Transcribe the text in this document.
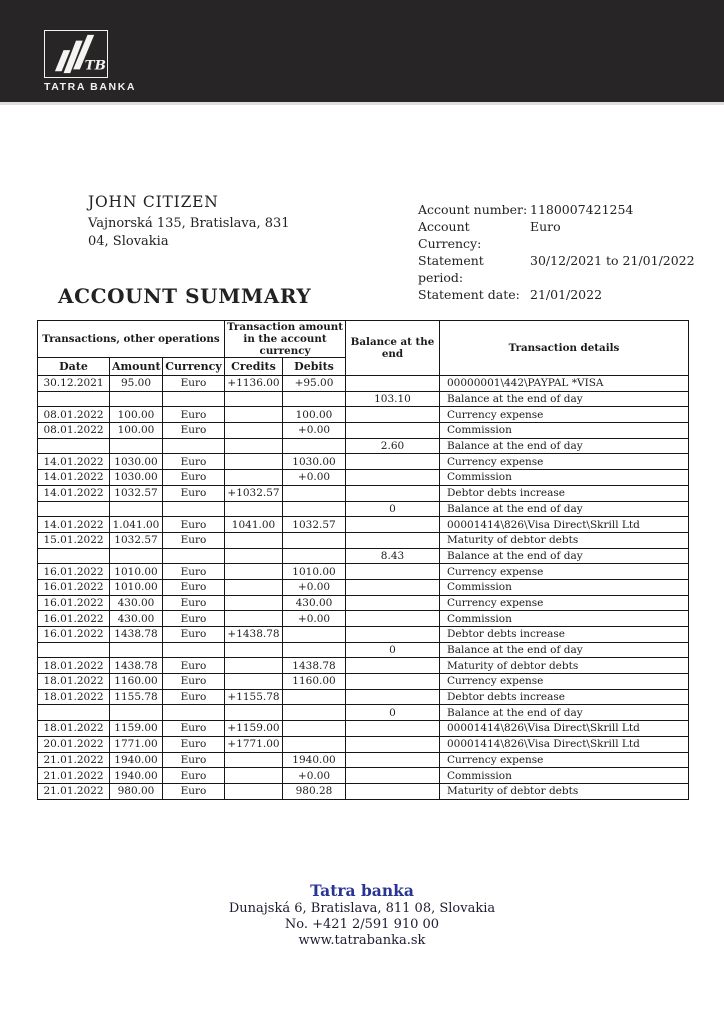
TB
TATRA BANKA
JOHN CITIZEN
Vajnorská 135, Bratislava, 831
04, Slovakia
Account number: 1180007421254
Account Currency:
Euro
Statement period:
30/12/2021 to 21/01/2022
Statement date: 21/01/2022
ACCOUNT SUMMARY
Transactions, other operations			Transaction amount in the account currency		Balance at the end	Transaction details
Date	Amount	Currency	Credits	Debits		
30.12.2021	95.00	Euro	+1136.00	+95.00		00000001\442\PAYPAL *VISA
					103.10	Balance at the end of day
08.01.2022	100.00	Euro		100.00		Currency expense
08.01.2022	100.00	Euro		+0.00		Commission
					2.60	Balance at the end of day
14.01.2022	1030.00	Euro		1030.00		Currency expense
14.01.2022	1030.00	Euro		+0.00		Commission
14.01.2022	1032.57	Euro	+1032.57			Debtor debts increase
					0	Balance at the end of day
14.01.2022	1.041.00	Euro	1041.00	1032.57		00001414\826\Visa Direct\Skrill Ltd
15.01.2022	1032.57	Euro				Maturity of debtor debts
					8.43	Balance at the end of day
16.01.2022	1010.00	Euro		1010.00		Currency expense
16.01.2022	1010.00	Euro		+0.00		Commission
16.01.2022	430.00	Euro		430.00		Currency expense
16.01.2022	430.00	Euro		+0.00		Commission
16.01.2022	1438.78	Euro	+1438.78			Debtor debts increase
					0	Balance at the end of day
18.01.2022	1438.78	Euro		1438.78		Maturity of debtor debts
18.01.2022	1160.00	Euro		1160.00		Currency expense
18.01.2022	1155.78	Euro	+1155.78			Debtor debts increase
					0	Balance at the end of day
18.01.2022	1159.00	Euro	+1159.00			00001414\826\Visa Direct\Skrill Ltd
20.01.2022	1771.00	Euro	+1771.00			00001414\826\Visa Direct\Skrill Ltd
21.01.2022	1940.00	Euro		1940.00		Currency expense
21.01.2022	1940.00	Euro		+0.00		Commission
21.01.2022	980.00	Euro		980.28		Maturity of debtor debts
Tatra banka
Dunajská 6, Bratislava, 811 08, Slovakia
No. +421 2/591 910 00
www.tatrabanka.sk
